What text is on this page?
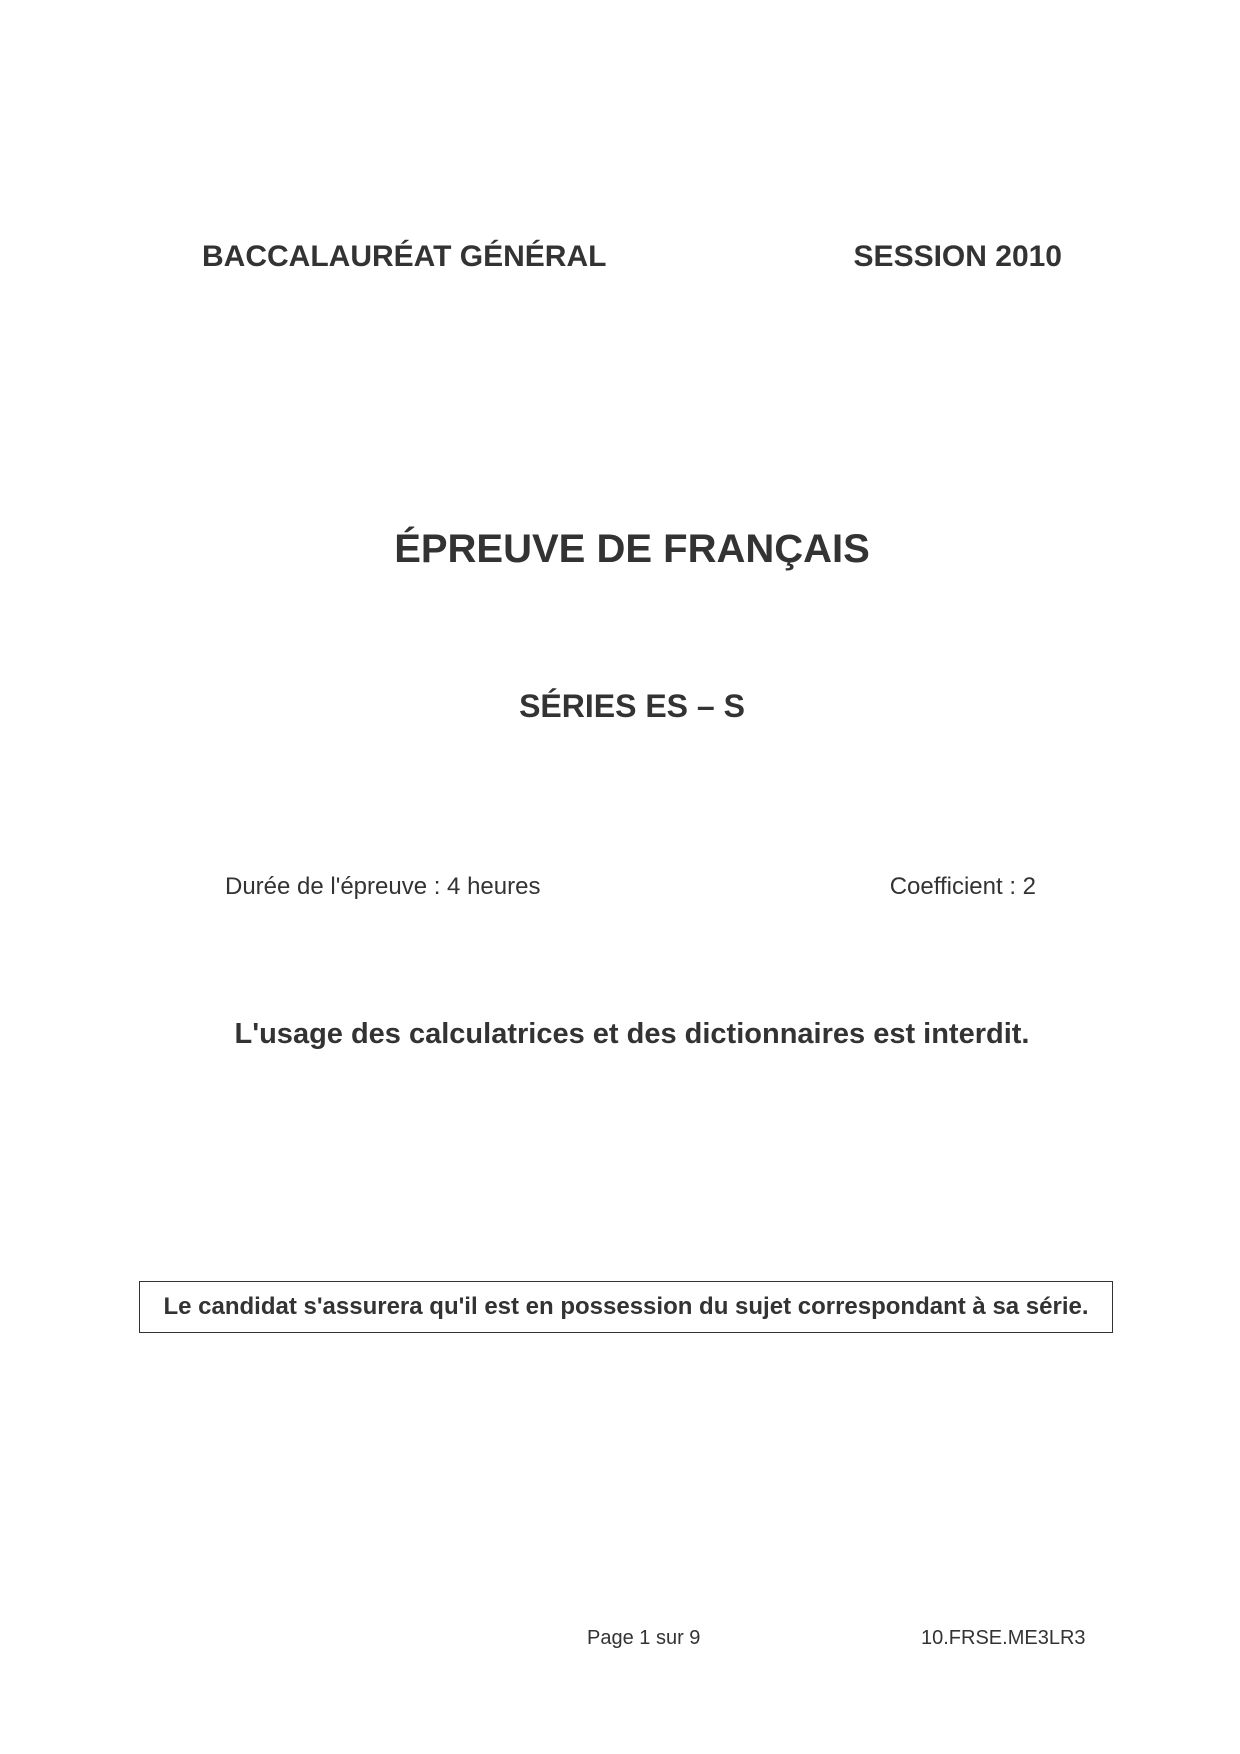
BACCALAURÉAT GÉNÉRAL	SESSION 2010
ÉPREUVE DE FRANÇAIS
SÉRIES ES – S
Durée de l'épreuve : 4 heures	Coefficient : 2
L'usage des calculatrices et des dictionnaires est interdit.
Le candidat s'assurera qu'il est en possession du sujet correspondant à sa série.
Page 1 sur 9	10.FRSE.ME3LR3
